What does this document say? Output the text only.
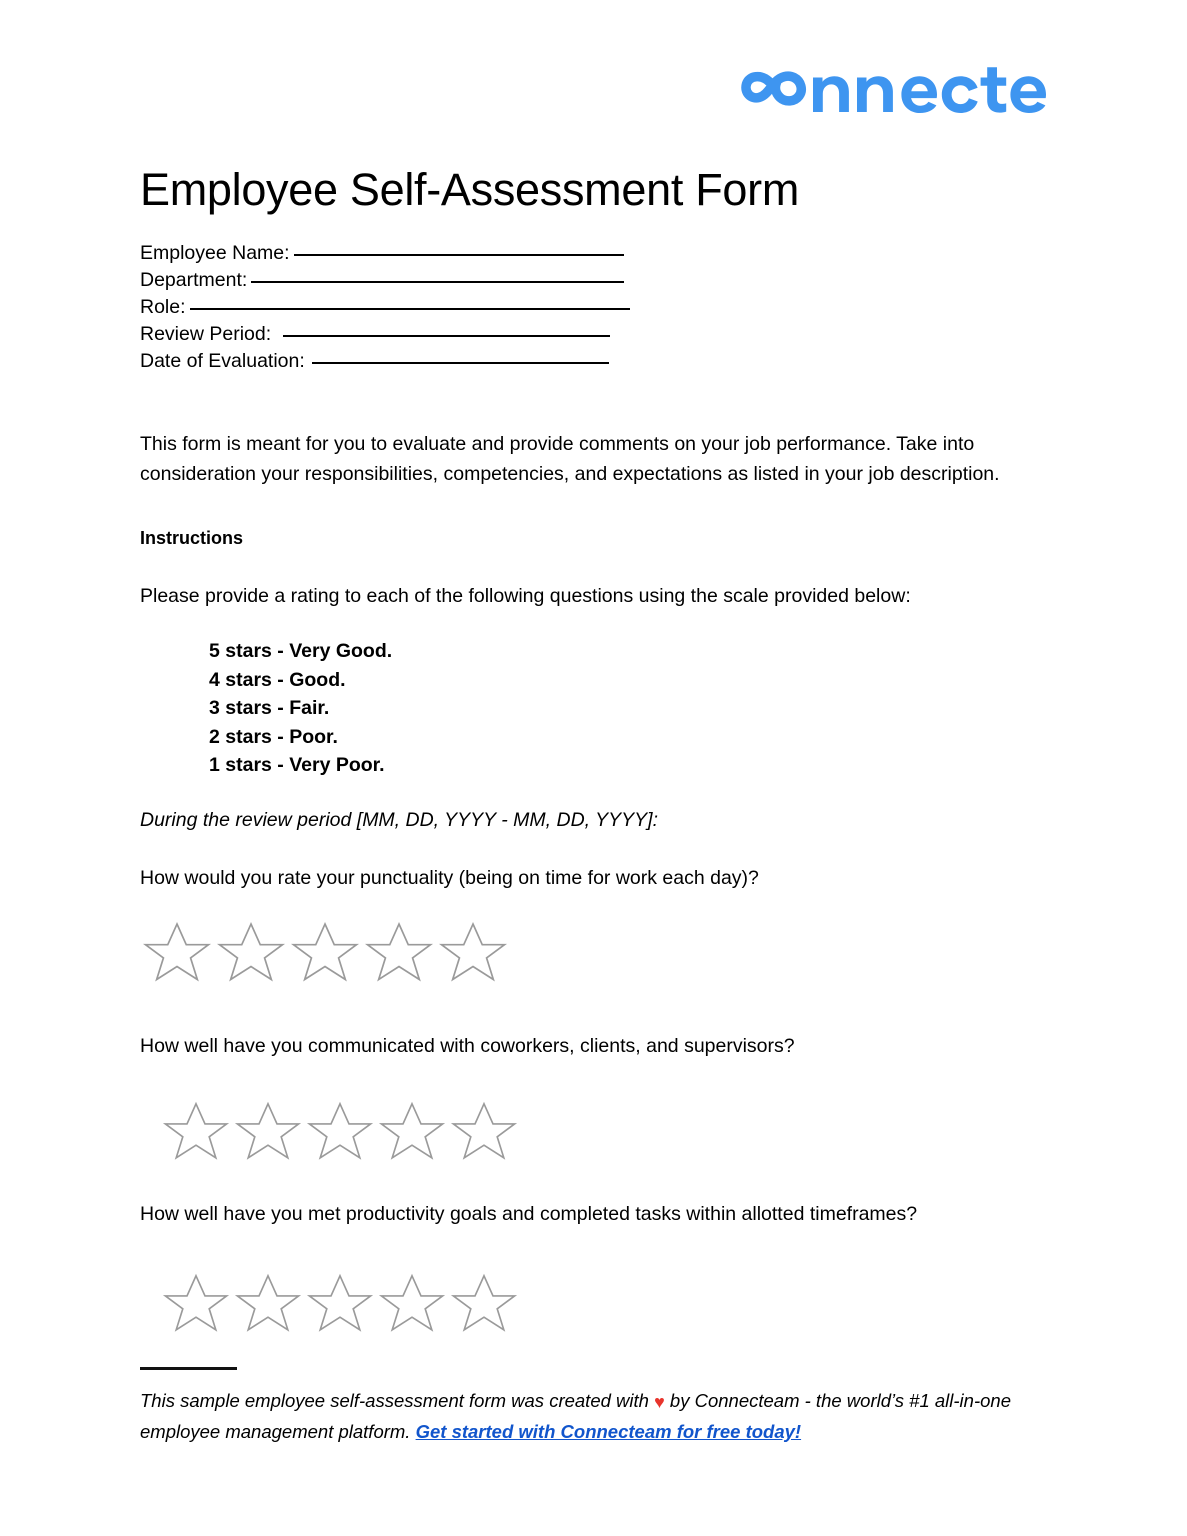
Employee Self-Assessment Form
Employee Name:
Department:
Role:
Review Period:
Date of Evaluation:

This form is meant for you to evaluate and provide comments on your job performance. Take into consideration your responsibilities, competencies, and expectations as listed in your job description.

Instructions
Please provide a rating to each of the following questions using the scale provided below:
5 stars - Very Good.
4 stars - Good.
3 stars - Fair.
2 stars - Poor.
1 stars - Very Poor.
During the review period [MM, DD, YYYY - MM, DD, YYYY]:
How would you rate your punctuality (being on time for work each day)?
How well have you communicated with coworkers, clients, and supervisors?
How well have you met productivity goals and completed tasks within allotted timeframes?
This sample employee self-assessment form was created with ♥ by Connecteam - the world’s #1 all-in-one employee management platform. Get started with Connecteam for free today!
